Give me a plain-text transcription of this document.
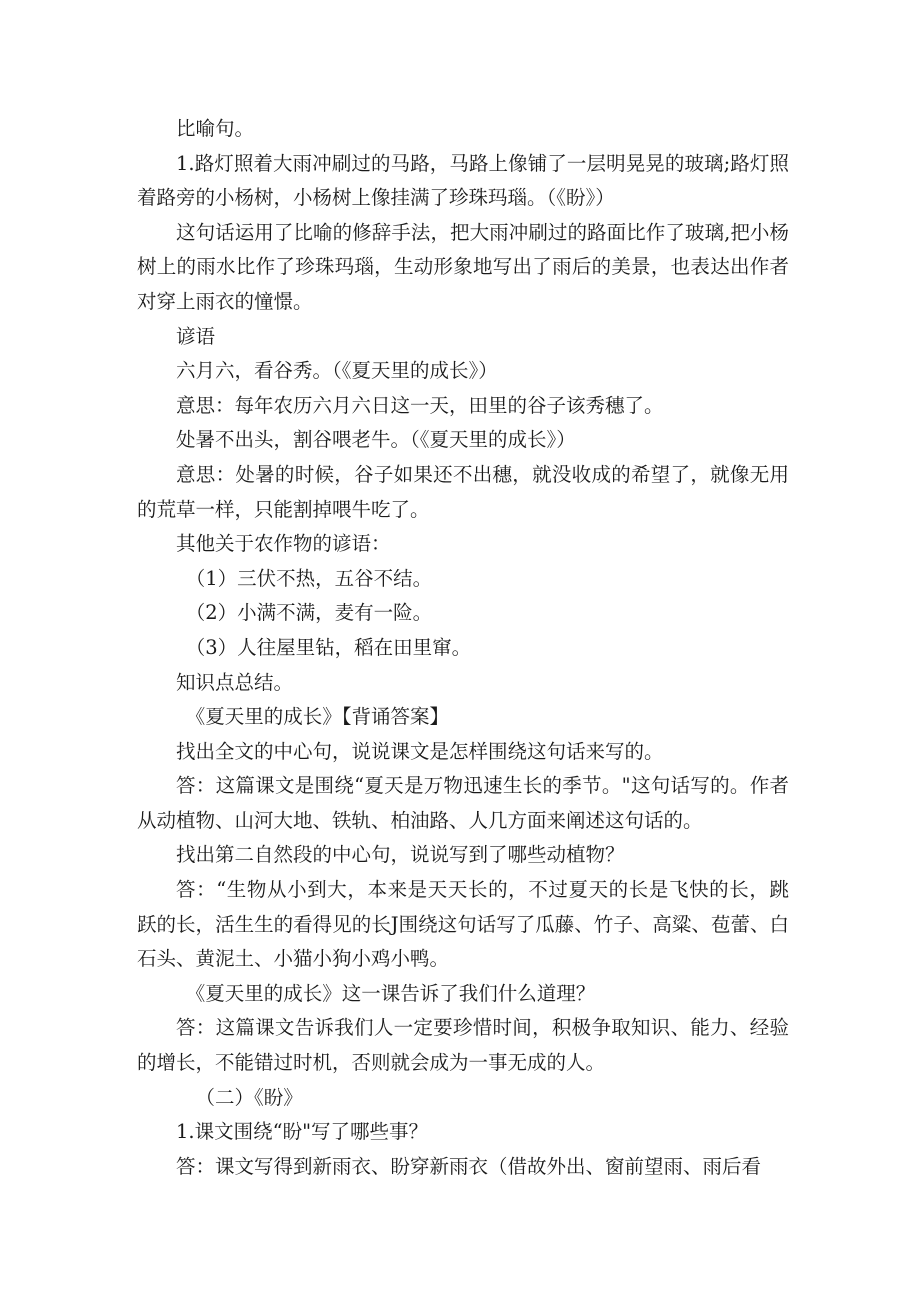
比喻句。

1.路灯照着大雨冲刷过的马路，马路上像铺了一层明晃晃的玻璃;路灯照着路旁的小杨树，小杨树上像挂满了珍珠玛瑙。（《盼》）

这句话运用了比喻的修辞手法，把大雨冲刷过的路面比作了玻璃,把小杨树上的雨水比作了珍珠玛瑙，生动形象地写出了雨后的美景，也表达出作者对穿上雨衣的憧憬。

谚语

六月六，看谷秀。（《夏天里的成长》）

意思：每年农历六月六日这一天，田里的谷子该秀穗了。

处暑不出头，割谷喂老牛。（《夏天里的成长》）

意思：处暑的时候，谷子如果还不出穗，就没收成的希望了，就像无用的荒草一样，只能割掉喂牛吃了。

其他关于农作物的谚语：

（1）三伏不热，五谷不结。

（2）小满不满，麦有一险。

（3）人往屋里钻，稻在田里窜。

知识点总结。

《夏天里的成长》【背诵答案】

找出全文的中心句，说说课文是怎样围绕这句话来写的。

答：这篇课文是围绕“夏天是万物迅速生长的季节。"这句话写的。作者从动植物、山河大地、铁轨、柏油路、人几方面来阐述这句话的。

找出第二自然段的中心句，说说写到了哪些动植物？

答：“生物从小到大，本来是天天长的，不过夏天的长是飞快的长，跳跃的长，活生生的看得见的长J围绕这句话写了瓜藤、竹子、高粱、苞蕾、白石头、黄泥土、小猫小狗小鸡小鸭。

《夏天里的成长》这一课告诉了我们什么道理？

答：这篇课文告诉我们人一定要珍惜时间，积极争取知识、能力、经验的增长，不能错过时机，否则就会成为一事无成的人。

（二）《盼》

1.课文围绕“盼"写了哪些事？

答：课文写得到新雨衣、盼穿新雨衣（借故外出、窗前望雨、雨后看
